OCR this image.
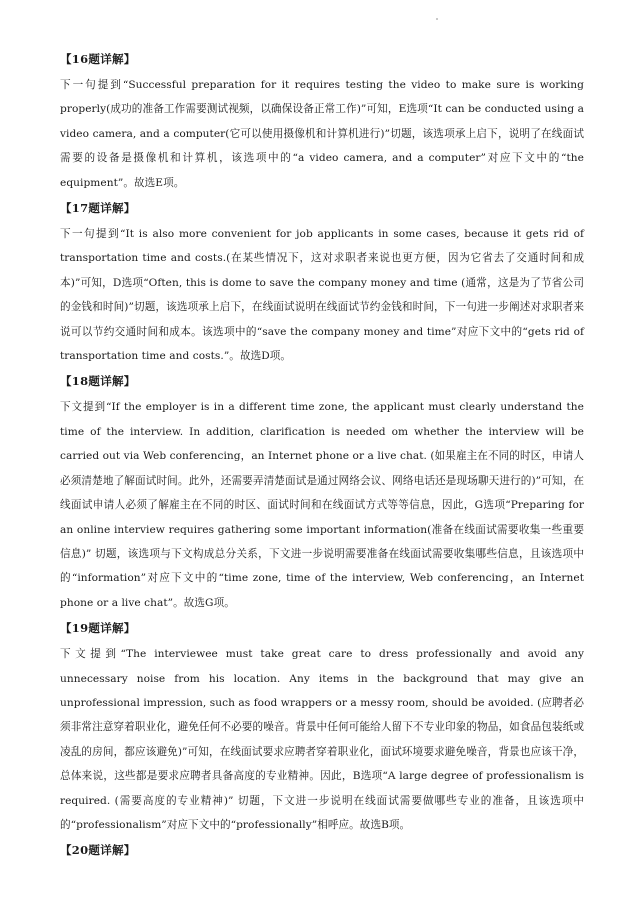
【16题详解】
下一句提到“Successful preparation for it requires testing the video to make sure is working properly(成功的准备工作需要测试视频，以确保设备正常工作)”可知，E选项“It can be conducted using a video camera, and a computer(它可以使用摄像机和计算机进行)”切题，该选项承上启下，说明了在线面试需要的设备是摄像机和计算机，该选项中的“a video camera, and a computer”对应下文中的“the equipment”。故选E项。
【17题详解】
下一句提到“It is also more convenient for job applicants in some cases, because it gets rid of transportation time and costs.(在某些情况下，这对求职者来说也更方便，因为它省去了交通时间和成本)”可知，D选项“Often, this is dome to save the company money and time (通常，这是为了节省公司的金钱和时间)”切题，该选项承上启下，在线面试说明在线面试节约金钱和时间，下一句进一步阐述对求职者来说可以节约交通时间和成本。该选项中的“save the company money and time”对应下文中的“gets rid of transportation time and costs.”。故选D项。
【18题详解】
下文提到“If the employer is in a different time zone, the applicant must clearly understand the time of the interview. In addition, clarification is needed om whether the interview will be carried out via Web conferencing，an Internet phone or a live chat. (如果雇主在不同的时区，申请人必须清楚地了解面试时间。此外，还需要弄清楚面试是通过网络会议、网络电话还是现场聊天进行的)”可知，在线面试申请人必须了解雇主在不同的时区、面试时间和在线面试方式等等信息，因此，G选项“Preparing for an online interview requires gathering some important information(准备在线面试需要收集一些重要信息)” 切题，该选项与下文构成总分关系，下文进一步说明需要准备在线面试需要收集哪些信息，且该选项中的“information”对应下文中的“time zone, time of the interview, Web conferencing，an Internet phone or a live chat”。故选G项。
【19题详解】
下文提到“The interviewee must take great care to dress professionally and avoid any unnecessary noise from his location. Any items in the background that may give an unprofessional impression, such as food wrappers or a messy room, should be avoided. (应聘者必须非常注意穿着职业化，避免任何不必要的噪音。背景中任何可能给人留下不专业印象的物品，如食品包装纸或凌乱的房间，都应该避免)”可知，在线面试要求应聘者穿着职业化，面试环境要求避免噪音，背景也应该干净，总体来说，这些都是要求应聘者具备高度的专业精神。因此，B选项“A large degree of professionalism is required. (需要高度的专业精神)” 切题，下文进一步说明在线面试需要做哪些专业的准备，且该选项中的“professionalism”对应下文中的“professionally”相呼应。故选B项。
【20题详解】
